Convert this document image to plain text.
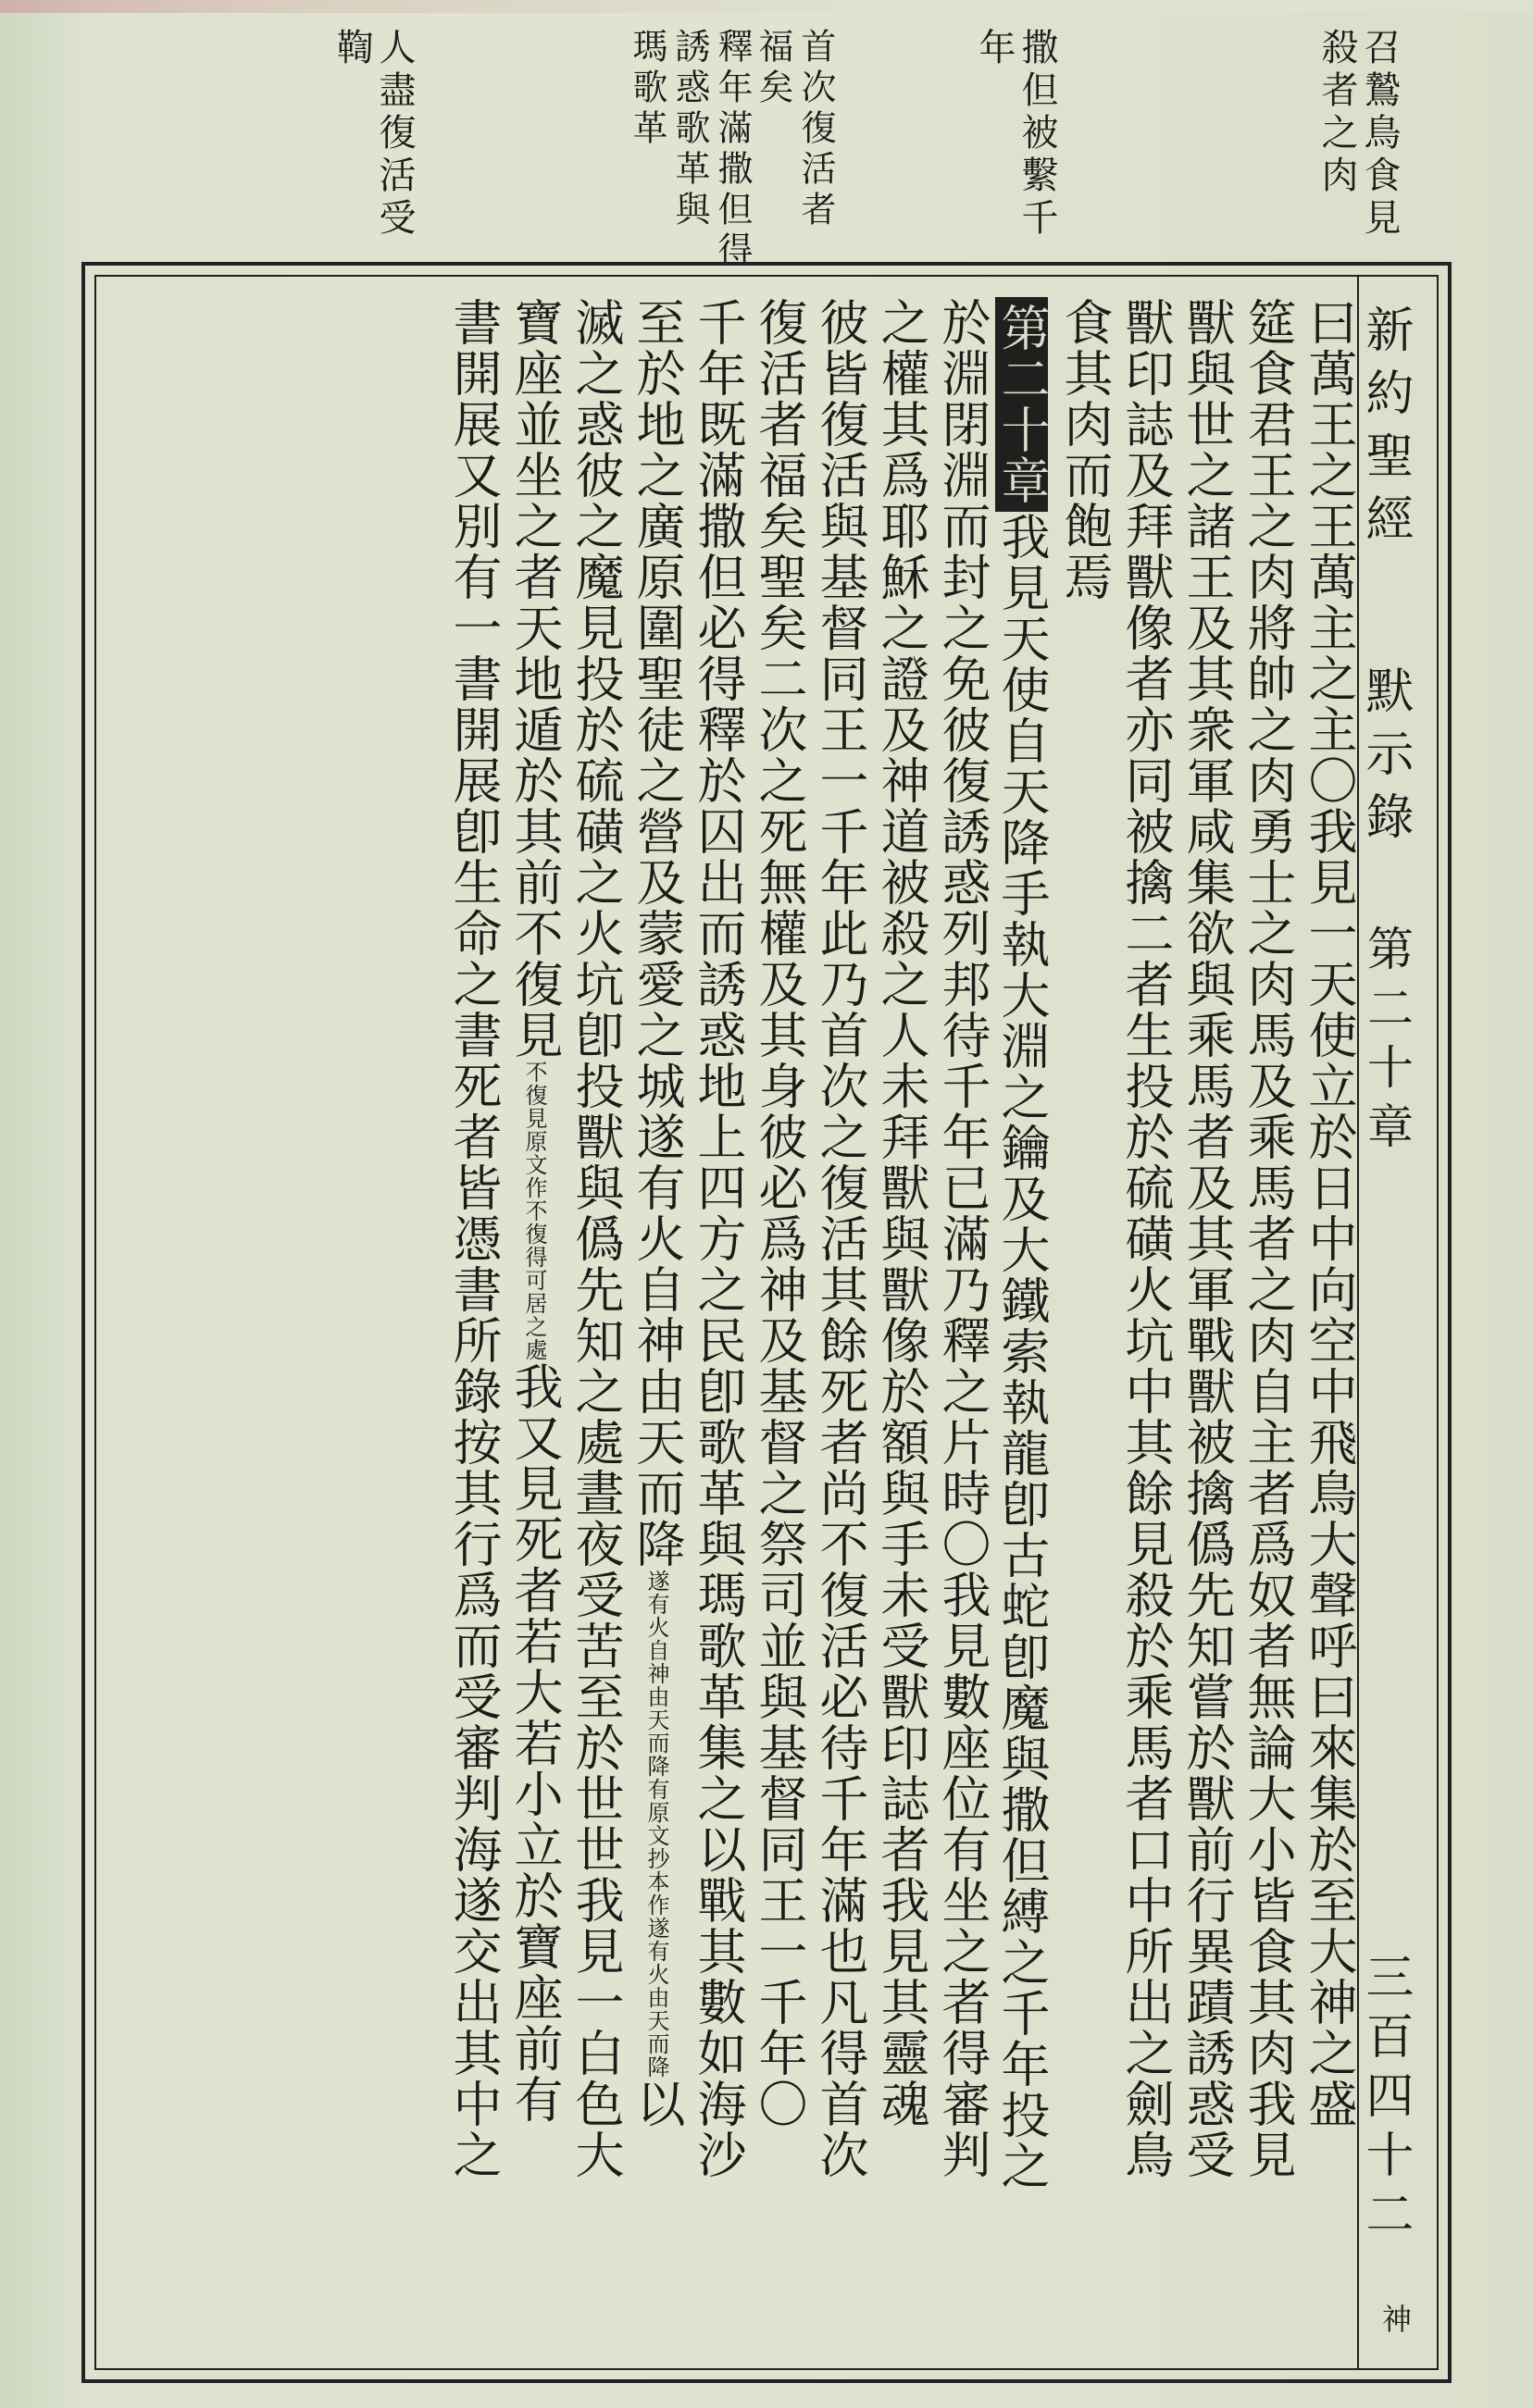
召鷙鳥食見
殺者之肉
撒但被繫千
年
首次復活者
福矣
釋年滿撒但得
誘惑歌革與
瑪歌革
人盡復活受
鞫
新約聖經
默示錄
第二十章
三百四十二
神
曰萬王之王萬主之主〇我見一天使立於日中向空中飛鳥大聲呼曰來集於至大神之盛
筵食君王之肉將帥之肉勇士之肉馬及乘馬者之肉自主者爲奴者無論大小皆食其肉我見
獸與世之諸王及其衆軍咸集欲與乘馬者及其軍戰獸被擒僞先知嘗於獸前行異蹟誘惑受
獸印誌及拜獸像者亦同被擒二者生投於硫磺火坑中其餘見殺於乘馬者口中所出之劍鳥
食其肉而飽焉
第二十章我見天使自天降手執大淵之鑰及大鐵索執龍卽古蛇卽魔與撒但縛之千年投之
於淵閉淵而封之免彼復誘惑列邦待千年已滿乃釋之片時〇我見數座位有坐之者得審判
之權其爲耶穌之證及神道被殺之人未拜獸與獸像於額與手未受獸印誌者我見其靈魂
彼皆復活與基督同王一千年此乃首次之復活其餘死者尚不復活必待千年滿也凡得首次
復活者福矣聖矣二次之死無權及其身彼必爲神及基督之祭司並與基督同王一千年〇
千年既滿撒但必得釋於囚出而誘惑地上四方之民卽歌革與瑪歌革集之以戰其數如海沙
至於地之廣原圍聖徒之營及蒙愛之城遂有火自神由天而降遂有火自神由天而降有原文抄本作遂有火由天而降以
滅之惑彼之魔見投於硫磺之火坑卽投獸與僞先知之處晝夜受苦至於世世我見一白色大
寶座並坐之者天地遁於其前不復見不復見原文作不復得可居之處我又見死者若大若小立於寶座前有
書開展又別有一書開展卽生命之書死者皆憑書所錄按其行爲而受審判海遂交出其中之
